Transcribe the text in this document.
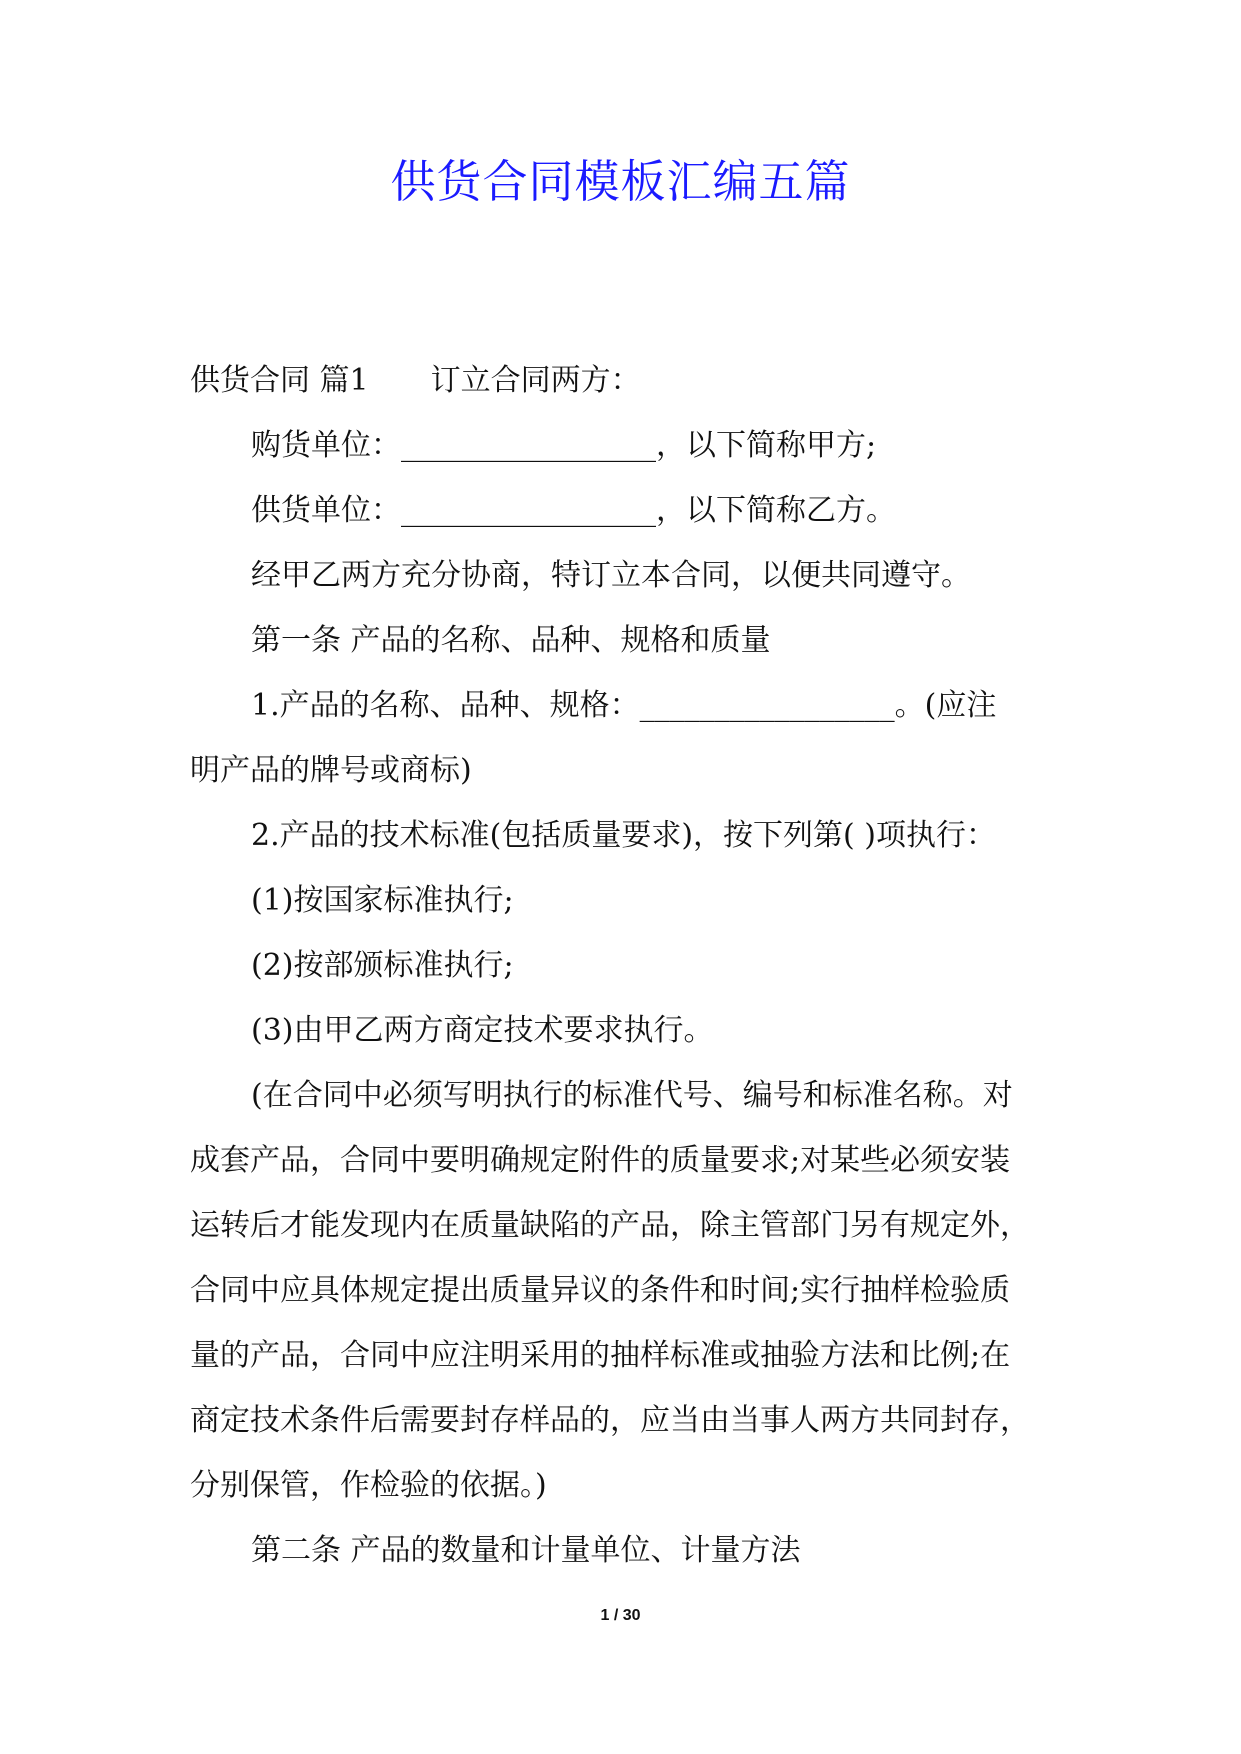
供货合同模板汇编五篇
供货合同 篇1 订立合同两方：
购货单位：_________________，以下简称甲方;
供货单位：_________________，以下简称乙方。
经甲乙两方充分协商，特订立本合同，以便共同遵守。
第一条 产品的名称、品种、规格和质量
1.产品的名称、品种、规格：_________________。(应注
明产品的牌号或商标)
2.产品的技术标准(包括质量要求)，按下列第( )项执行：
(1)按国家标准执行;
(2)按部颁标准执行;
(3)由甲乙两方商定技术要求执行。
(在合同中必须写明执行的标准代号、编号和标准名称。对
成套产品，合同中要明确规定附件的质量要求;对某些必须安装
运转后才能发现内在质量缺陷的产品，除主管部门另有规定外，
合同中应具体规定提出质量异议的条件和时间;实行抽样检验质
量的产品，合同中应注明采用的抽样标准或抽验方法和比例;在
商定技术条件后需要封存样品的，应当由当事人两方共同封存，
分别保管，作检验的依据。)
第二条 产品的数量和计量单位、计量方法
1 / 30
